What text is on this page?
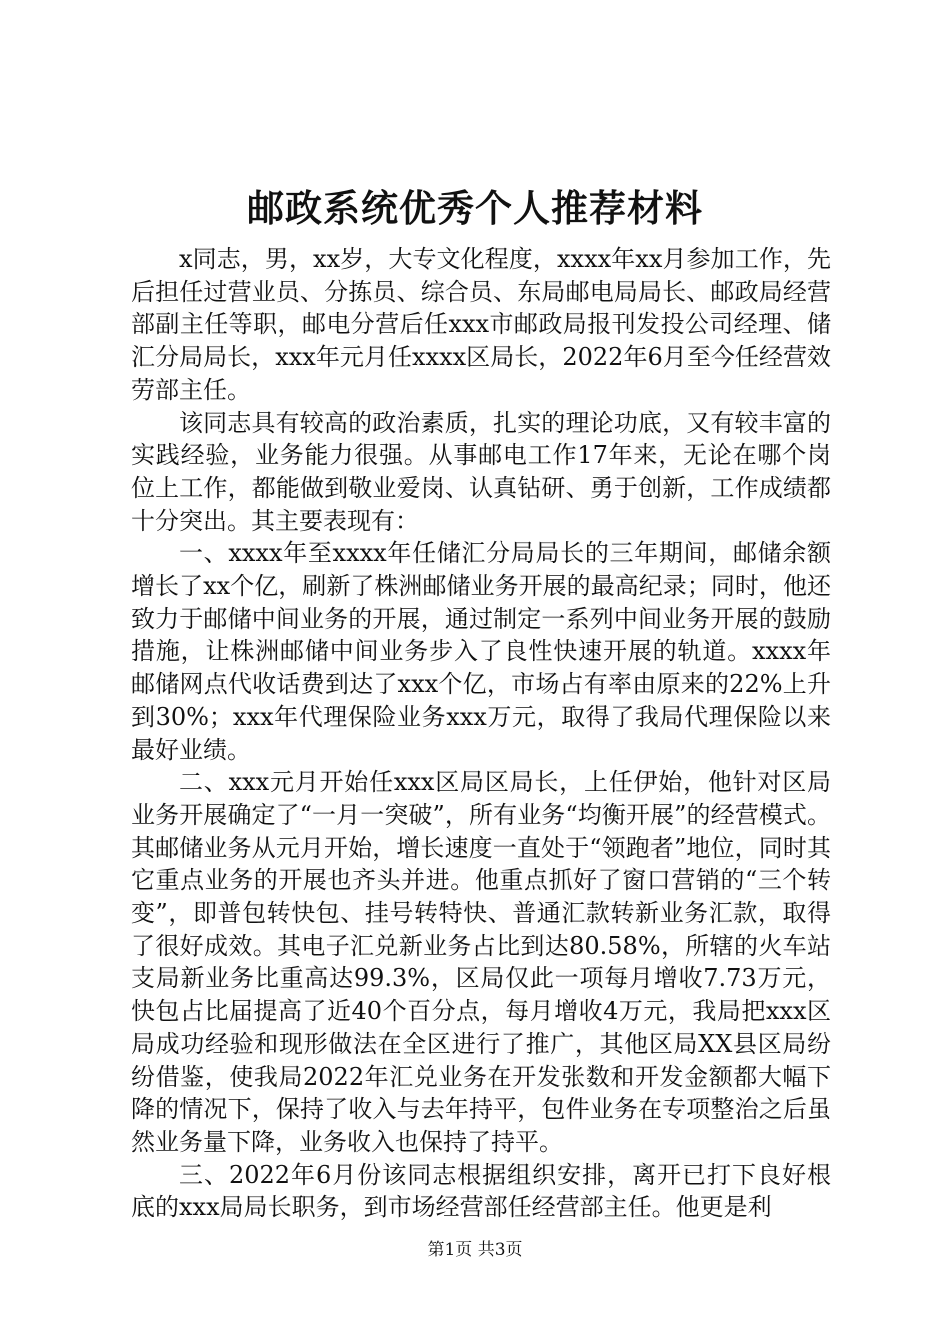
邮政系统优秀个人推荐材料

x同志，男，xx岁，大专文化程度，xxxx年xx月参加工作，先后担任过营业员、分拣员、综合员、东局邮电局局长、邮政局经营部副主任等职，邮电分营后任xxx市邮政局报刊发投公司经理、储汇分局局长，xxx年元月任xxxx区局长，2022年6月至今任经营效劳部主任。

该同志具有较高的政治素质，扎实的理论功底，又有较丰富的实践经验，业务能力很强。从事邮电工作17年来，无论在哪个岗位上工作，都能做到敬业爱岗、认真钻研、勇于创新，工作成绩都十分突出。其主要表现有：

一、xxxx年至xxxx年任储汇分局局长的三年期间，邮储余额增长了xx个亿，刷新了株洲邮储业务开展的最高纪录；同时，他还致力于邮储中间业务的开展，通过制定一系列中间业务开展的鼓励措施，让株洲邮储中间业务步入了良性快速开展的轨道。xxxx年邮储网点代收话费到达了xxx个亿，市场占有率由原来的22%上升到30%；xxx年代理保险业务xxx万元，取得了我局代理保险以来最好业绩。

二、xxx元月开始任xxx区局区局长，上任伊始，他针对区局业务开展确定了“一月一突破”，所有业务“均衡开展”的经营模式。其邮储业务从元月开始，增长速度一直处于“领跑者”地位，同时其它重点业务的开展也齐头并进。他重点抓好了窗口营销的“三个转变”，即普包转快包、挂号转特快、普通汇款转新业务汇款，取得了很好成效。其电子汇兑新业务占比到达80.58%，所辖的火车站支局新业务比重高达99.3%，区局仅此一项每月增收7.73万元，快包占比届提高了近40个百分点，每月增收4万元，我局把xxx区局成功经验和现形做法在全区进行了推广，其他区局XX县区局纷纷借鉴，使我局2022年汇兑业务在开发张数和开发金额都大幅下降的情况下，保持了收入与去年持平，包件业务在专项整治之后虽然业务量下降，业务收入也保持了持平。

三、2022年6月份该同志根据组织安排，离开已打下良好根底的xxx局局长职务，到市场经营部任经营部主任。他更是利

第1页 共3页
